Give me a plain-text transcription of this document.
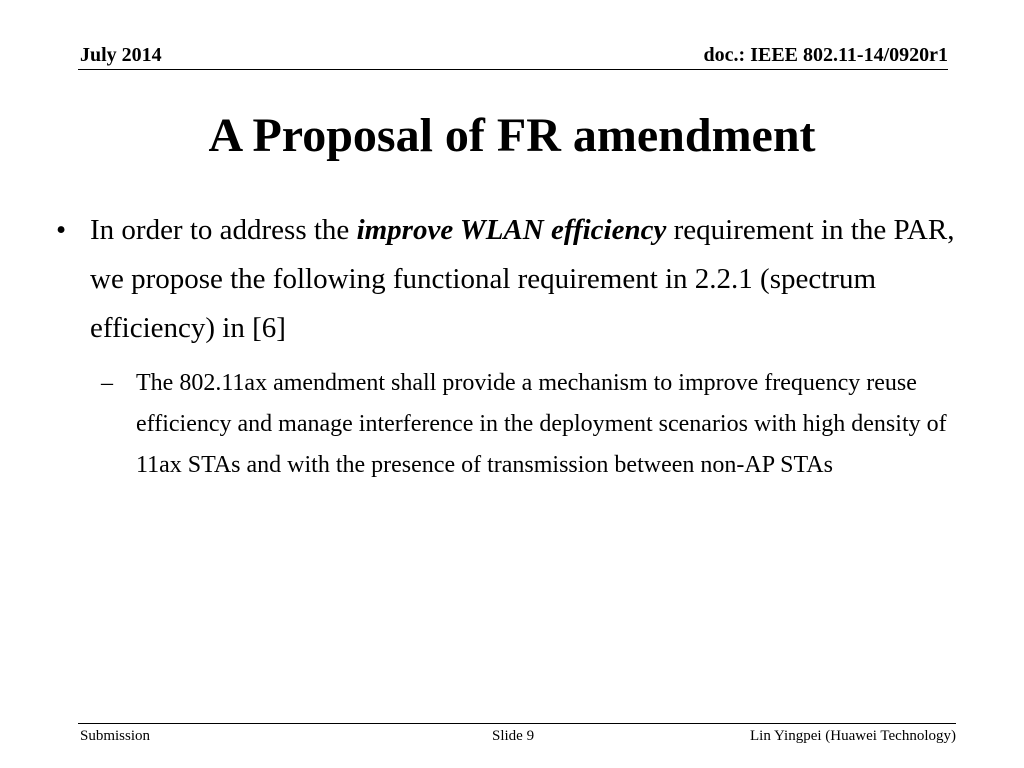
July 2014	doc.: IEEE 802.11-14/0920r1
A Proposal of FR amendment
• In order to address the improve WLAN efficiency requirement in the PAR, we propose the following functional requirement in 2.2.1 (spectrum efficiency) in [6]
– The 802.11ax amendment shall provide a mechanism to improve frequency reuse efficiency and manage interference in the deployment scenarios with high density of 11ax STAs and with the presence of transmission between non-AP STAs
Submission	Slide 9	Lin Yingpei (Huawei Technology)
